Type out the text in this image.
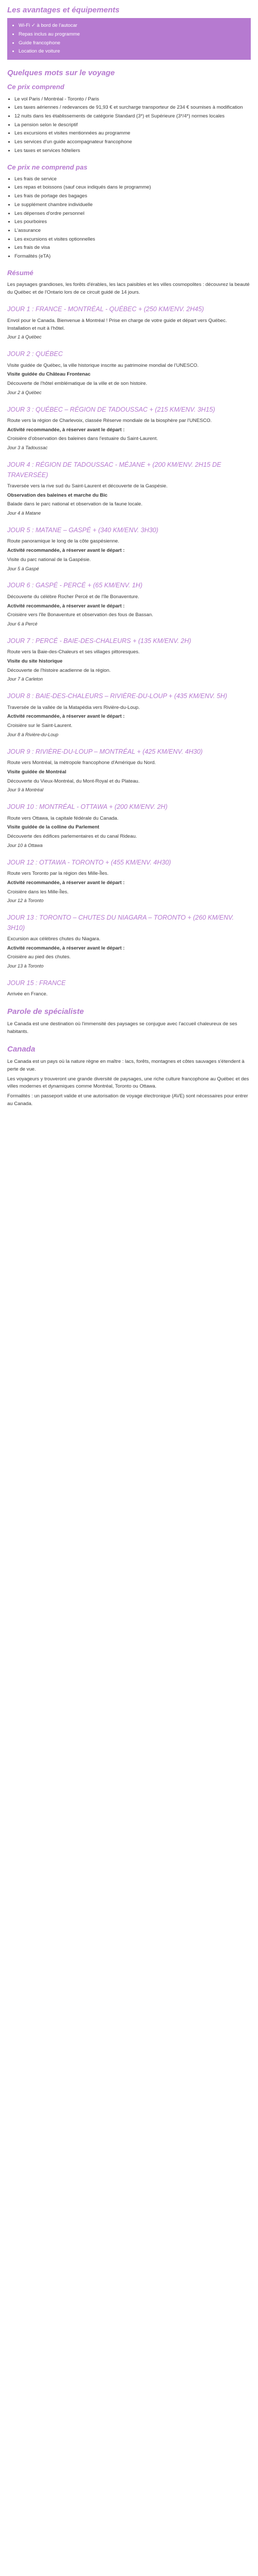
Les avantages et équipements
• Wi-Fi ✓ à bord de l'autocar
• Repas inclus au programme
• Guide francophone
• Location de voiture
Quelques mots sur le voyage
Ce prix comprend
• Le vol Paris / Montréal - Toronto / Paris
• Les taxes aériennes / redevances de 91,93 € et surcharge transporteur de 234 € soumises à modification
• 12 nuits dans les établissements de catégorie Standard (3*) et Supérieure (3*/4*) normes locales
• La pension selon le descriptif
• Les excursions et visites mentionnées au programme
• Les services d'un guide accompagnateur francophone
• Les taxes et services hôteliers
Ce prix ne comprend pas
• Les frais de service
• Les repas et boissons (sauf ceux indiqués dans le programme)
• Les frais de portage des bagages
• Le supplément chambre individuelle
• Les dépenses d'ordre personnel
• Les pourboires
• L'assurance
• Les excursions et visites optionnelles
• Les frais de visa
• Formalités (eTA)
Résumé

Les paysages grandioses, les forêts d'érables, les lacs paisibles et les villes cosmopolites : découvrez la beauté du Québec et de l'Ontario lors de ce circuit guidé de 14 jours.

JOUR 1 : FRANCE - MONTRÉAL - QUÉBEC + (250 KM/ENV. 2H45)

Envol pour le Canada. Bienvenue à Montréal ! Prise en charge de votre guide et départ vers Québec. Installation et nuit à l'hôtel.

Jour 1 à Québec

JOUR 2 : QUÉBEC

Visite guidée de Québec, la ville historique inscrite au patrimoine mondial de l'UNESCO.

Visite guidée du Château Frontenac

Découverte de l'hôtel emblématique de la ville et de son histoire.

Jour 2 à Québec

JOUR 3 : QUÉBEC – RÉGION DE TADOUSSAC + (215 KM/ENV. 3H15)

Route vers la région de Charlevoix, classée Réserve mondiale de la biosphère par l'UNESCO.

Activité recommandée, à réserver avant le départ :

Croisière d'observation des baleines dans l'estuaire du Saint-Laurent.

Jour 3 à Tadoussac

JOUR 4 : RÉGION DE TADOUSSAC - MÉJANE + (200 KM/ENV. 2H15 DE TRAVERSÉE)

Traversée vers la rive sud du Saint-Laurent et découverte de la Gaspésie.

Observation des baleines et marche du Bic

Balade dans le parc national et observation de la faune locale.

Jour 4 à Matane

JOUR 5 : MATANE – GASPÉ + (340 KM/ENV. 3H30)

Route panoramique le long de la côte gaspésienne.

Activité recommandée, à réserver avant le départ :

Visite du parc national de la Gaspésie.

Jour 5 à Gaspé

JOUR 6 : GASPÉ - PERCÉ + (65 KM/ENV. 1H)

Découverte du célèbre Rocher Percé et de l'île Bonaventure.

Activité recommandée, à réserver avant le départ :

Croisière vers l'île Bonaventure et observation des fous de Bassan.

Jour 6 à Percé

JOUR 7 : PERCÉ - BAIE-DES-CHALEURS + (135 KM/ENV. 2H)

Route vers la Baie-des-Chaleurs et ses villages pittoresques.

Visite du site historique

Découverte de l'histoire acadienne de la région.

Jour 7 à Carleton

JOUR 8 : BAIE-DES-CHALEURS – RIVIÈRE-DU-LOUP + (435 KM/ENV. 5H)

Traversée de la vallée de la Matapédia vers Rivière-du-Loup.

Activité recommandée, à réserver avant le départ :

Croisière sur le Saint-Laurent.

Jour 8 à Rivière-du-Loup

JOUR 9 : RIVIÈRE-DU-LOUP – MONTRÉAL + (425 KM/ENV. 4H30)

Route vers Montréal, la métropole francophone d'Amérique du Nord.

Visite guidée de Montréal

Découverte du Vieux-Montréal, du Mont-Royal et du Plateau.

Jour 9 à Montréal

JOUR 10 : MONTRÉAL - OTTAWA + (200 KM/ENV. 2H)

Route vers Ottawa, la capitale fédérale du Canada.

Visite guidée de la colline du Parlement

Découverte des édifices parlementaires et du canal Rideau.

Jour 10 à Ottawa

JOUR 12 : OTTAWA - TORONTO + (455 KM/ENV. 4H30)

Route vers Toronto par la région des Mille-Îles.

Activité recommandée, à réserver avant le départ :

Croisière dans les Mille-Îles.

Jour 12 à Toronto

JOUR 13 : TORONTO – CHUTES DU NIAGARA – TORONTO + (260 KM/ENV. 3H10)

Excursion aux célèbres chutes du Niagara.

Activité recommandée, à réserver avant le départ :

Croisière au pied des chutes.

Jour 13 à Toronto

JOUR 15 : FRANCE

Arrivée en France.

Parole de spécialiste

Le Canada est une destination où l'immensité des paysages se conjugue avec l'accueil chaleureux de ses habitants.

Canada

Le Canada est un pays où la nature règne en maître : lacs, forêts, montagnes et côtes sauvages s'étendent à perte de vue.

Les voyageurs y trouveront une grande diversité de paysages, une riche culture francophone au Québec et des villes modernes et dynamiques comme Montréal, Toronto ou Ottawa.

Formalités : un passeport valide et une autorisation de voyage électronique (AVE) sont nécessaires pour entrer au Canada.
